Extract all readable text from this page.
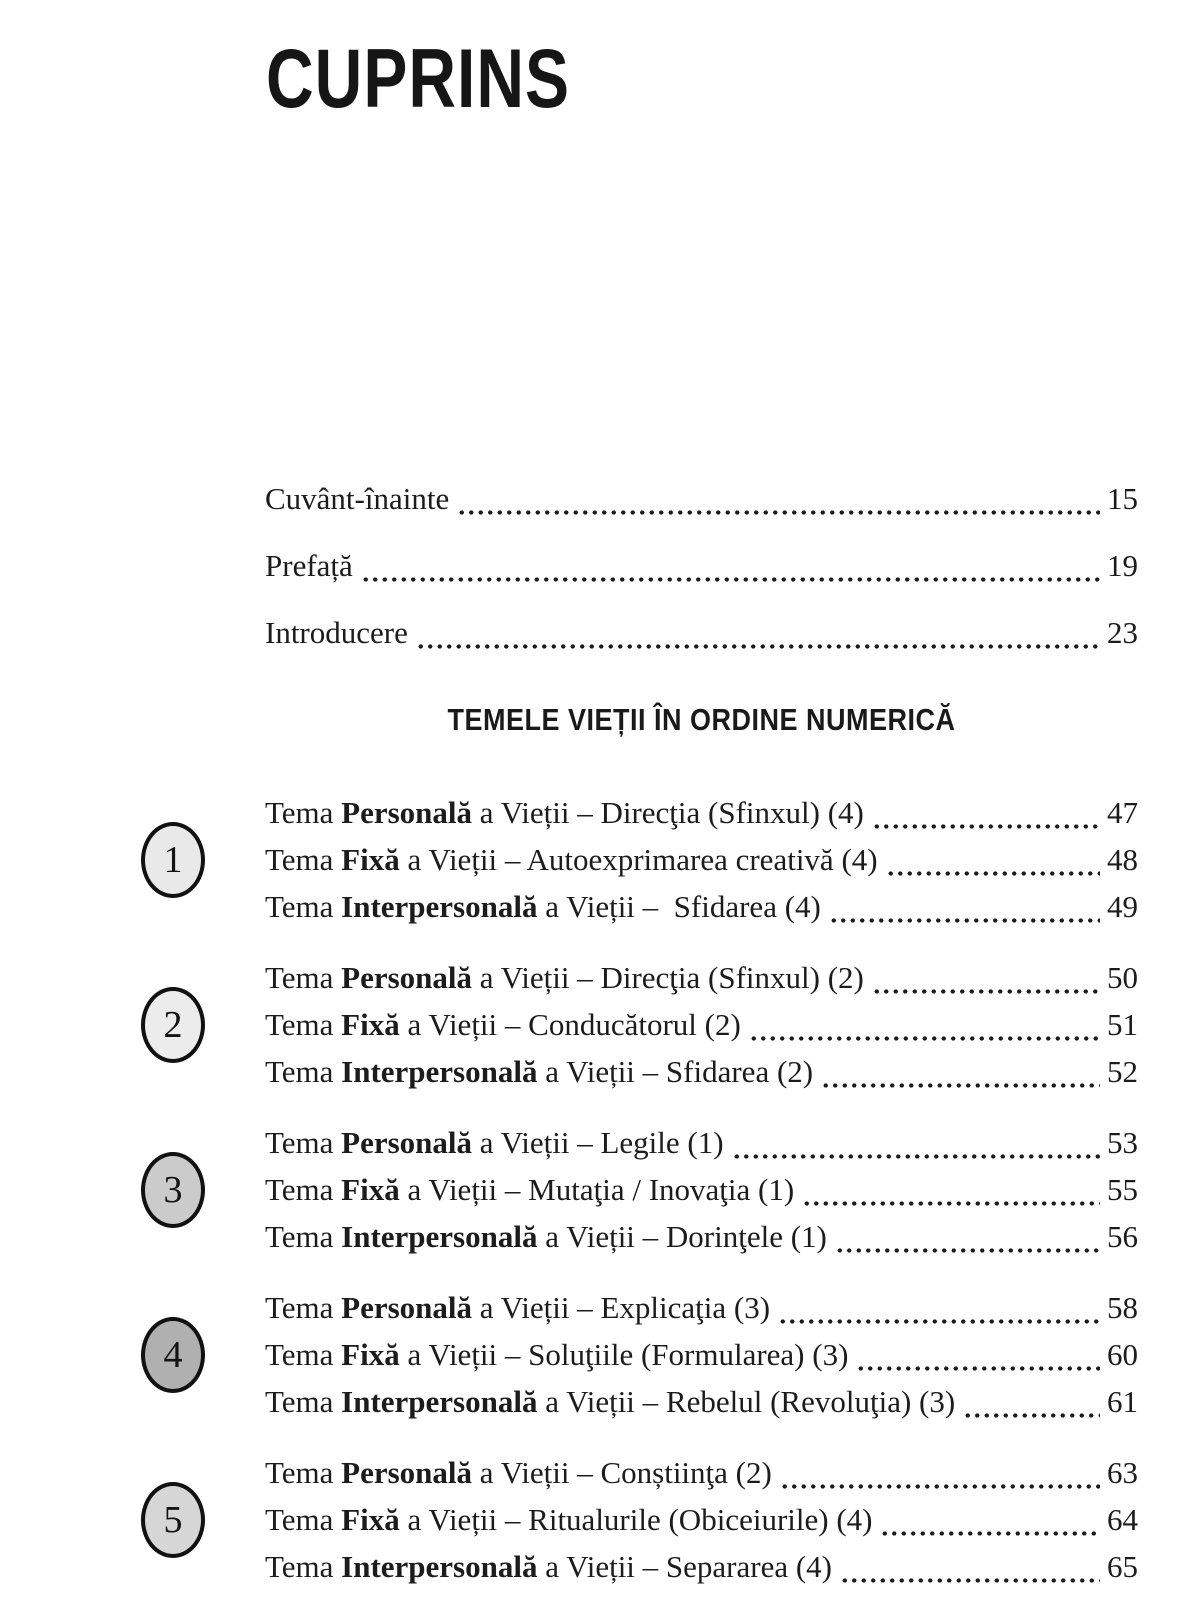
CUPRINS
Cuvânt-înainte	15
Prefață	19
Introducere	23
TEMELE VIEȚII ÎN ORDINE NUMERICĂ
1
Tema Personală a Vieții – Direcţia (Sfinxul) (4)	47
Tema Fixă a Vieții – Autoexprimarea creativă (4)	48
Tema Interpersonală a Vieții –  Sfidarea (4)	49
2
Tema Personală a Vieții – Direcţia (Sfinxul) (2)	50
Tema Fixă a Vieții – Conducătorul (2)	51
Tema Interpersonală a Vieții – Sfidarea (2)	52
3
Tema Personală a Vieții – Legile (1)	53
Tema Fixă a Vieții – Mutaţia / Inovaţia (1)	55
Tema Interpersonală a Vieții – Dorinţele (1)	56
4
Tema Personală a Vieții – Explicaţia (3)	58
Tema Fixă a Vieții – Soluţiile (Formularea) (3)	60
Tema Interpersonală a Vieții – Rebelul (Revoluţia) (3)	61
5
Tema Personală a Vieții – Conștiinţa (2)	63
Tema Fixă a Vieții – Ritualurile (Obiceiurile) (4)	64
Tema Interpersonală a Vieții – Separarea (4)	65
